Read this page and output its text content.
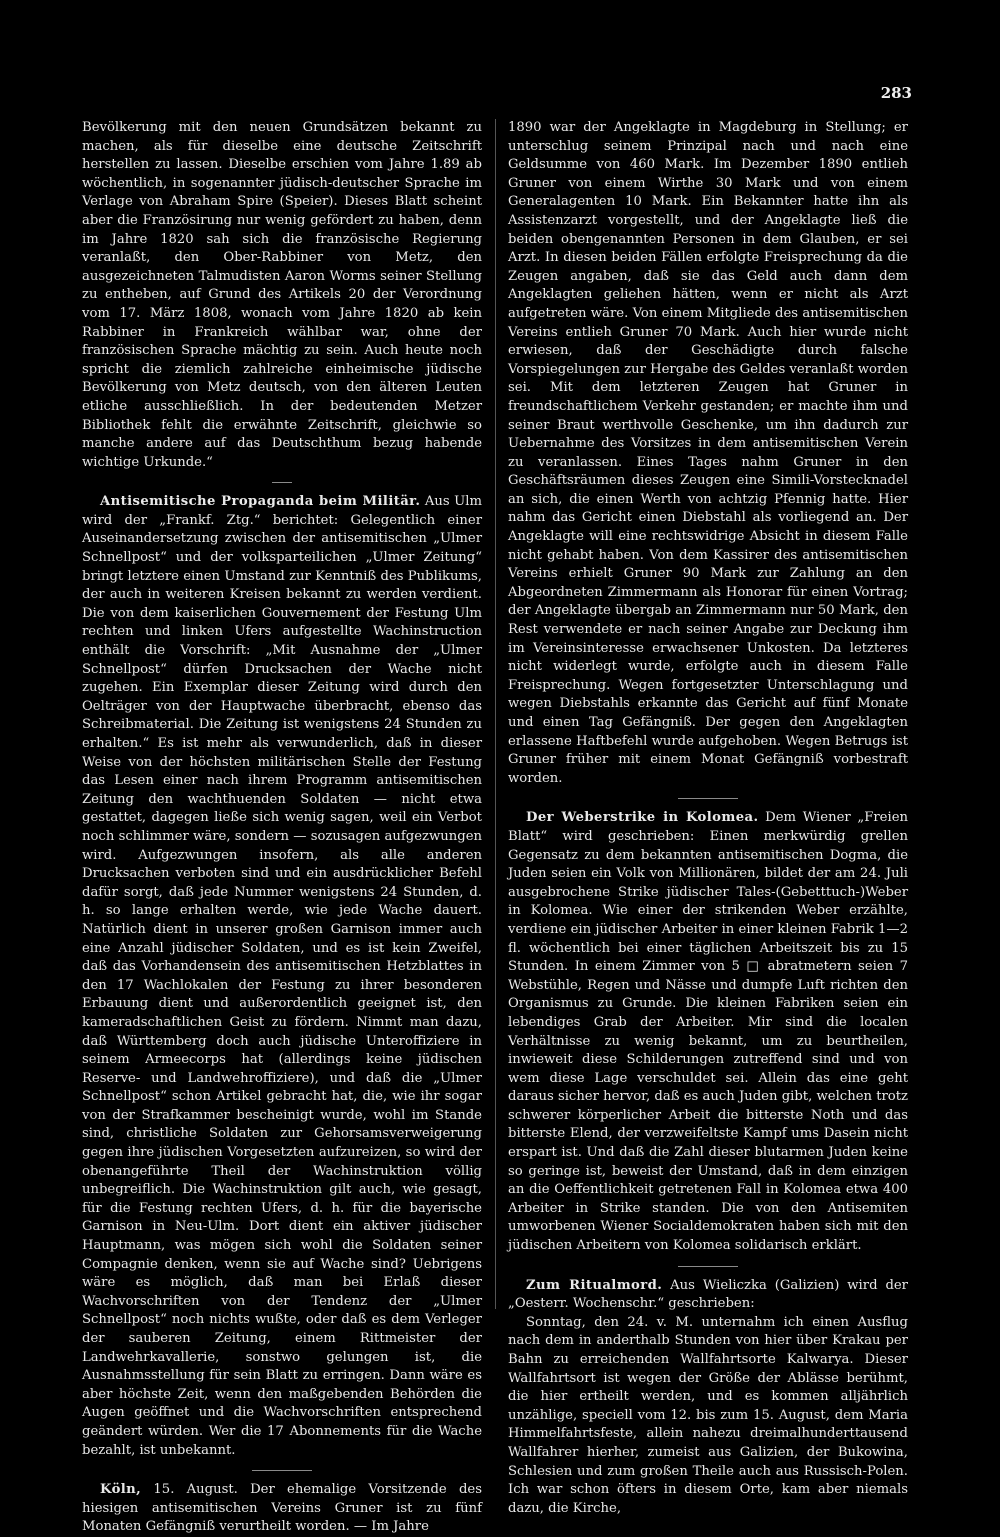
283

Bevölkerung mit den neuen Grundsätzen bekannt zu machen, als für dieselbe eine deutsche Zeitschrift herstellen zu lassen. Dieselbe erschien vom Jahre 1.89 ab wöchentlich, in sogenannter jüdisch-deutscher Sprache im Verlage von Abraham Spire (Speier). Dieses Blatt scheint aber die Französirung nur wenig gefördert zu haben, denn im Jahre 1820 sah sich die französische Regierung veranlaßt, den Ober-Rabbiner von Metz, den ausgezeichneten Talmudisten Aaron Worms seiner Stellung zu entheben, auf Grund des Artikels 20 der Verordnung vom 17. März 1808, wonach vom Jahre 1820 ab kein Rabbiner in Frankreich wählbar war, ohne der französischen Sprache mächtig zu sein. Auch heute noch spricht die ziemlich zahlreiche einheimische jüdische Bevölkerung von Metz deutsch, von den älteren Leuten etliche ausschließlich. In der bedeutenden Metzer Bibliothek fehlt die erwähnte Zeitschrift, gleichwie so manche andere auf das Deutschthum bezug habende wichtige Urkunde.“

Antisemitische Propaganda beim Militär. Aus Ulm wird der „Frankf. Ztg.“ berichtet: Gelegentlich einer Auseinandersetzung zwischen der antisemitischen „Ulmer Schnellpost“ und der volksparteilichen „Ulmer Zeitung“ bringt letztere einen Umstand zur Kenntniß des Publikums, der auch in weiteren Kreisen bekannt zu werden verdient. Die von dem kaiserlichen Gouvernement der Festung Ulm rechten und linken Ufers aufgestellte Wachinstruction enthält die Vorschrift: „Mit Ausnahme der „Ulmer Schnellpost“ dürfen Drucksachen der Wache nicht zugehen. Ein Exemplar dieser Zeitung wird durch den Oelträger von der Hauptwache überbracht, ebenso das Schreibmaterial. Die Zeitung ist wenigstens 24 Stunden zu erhalten.“ Es ist mehr als verwunderlich, daß in dieser Weise von der höchsten militärischen Stelle der Festung das Lesen einer nach ihrem Programm antisemitischen Zeitung den wachthuenden Soldaten — nicht etwa gestattet, dagegen ließe sich wenig sagen, weil ein Verbot noch schlimmer wäre, sondern — sozusagen aufgezwungen wird. Aufgezwungen insofern, als alle anderen Drucksachen verboten sind und ein ausdrücklicher Befehl dafür sorgt, daß jede Nummer wenigstens 24 Stunden, d. h. so lange erhalten werde, wie jede Wache dauert. Natürlich dient in unserer großen Garnison immer auch eine Anzahl jüdischer Soldaten, und es ist kein Zweifel, daß das Vorhandensein des antisemitischen Hetzblattes in den 17 Wachlokalen der Festung zu ihrer besonderen Erbauung dient und außerordentlich geeignet ist, den kameradschaftlichen Geist zu fördern. Nimmt man dazu, daß Württemberg doch auch jüdische Unteroffiziere in seinem Armeecorps hat (allerdings keine jüdischen Reserve- und Landwehroffiziere), und daß die „Ulmer Schnellpost“ schon Artikel gebracht hat, die, wie ihr sogar von der Strafkammer bescheinigt wurde, wohl im Stande sind, christliche Soldaten zur Gehorsamsverweigerung gegen ihre jüdischen Vorgesetzten aufzureizen, so wird der obenangeführte Theil der Wachinstruktion völlig unbegreiflich. Die Wachinstruktion gilt auch, wie gesagt, für die Festung rechten Ufers, d. h. für die bayerische Garnison in Neu-Ulm. Dort dient ein aktiver jüdischer Hauptmann, was mögen sich wohl die Soldaten seiner Compagnie denken, wenn sie auf Wache sind? Uebrigens wäre es möglich, daß man bei Erlaß dieser Wachvorschriften von der Tendenz der „Ulmer Schnellpost“ noch nichts wußte, oder daß es dem Verleger der sauberen Zeitung, einem Rittmeister der Landwehrkavallerie, sonstwo gelungen ist, die Ausnahmsstellung für sein Blatt zu erringen. Dann wäre es aber höchste Zeit, wenn den maßgebenden Behörden die Augen geöffnet und die Wachvorschriften entsprechend geändert würden. Wer die 17 Abonnements für die Wache bezahlt, ist unbekannt.

Köln, 15. August. Der ehemalige Vorsitzende des hiesigen antisemitischen Vereins Gruner ist zu fünf Monaten Gefängniß verurtheilt worden. — Im Jahre

1890 war der Angeklagte in Magdeburg in Stellung; er unterschlug seinem Prinzipal nach und nach eine Geldsumme von 460 Mark. Im Dezember 1890 entlieh Gruner von einem Wirthe 30 Mark und von einem Generalagenten 10 Mark. Ein Bekannter hatte ihn als Assistenzarzt vorgestellt, und der Angeklagte ließ die beiden obengenannten Personen in dem Glauben, er sei Arzt. In diesen beiden Fällen erfolgte Freisprechung da die Zeugen angaben, daß sie das Geld auch dann dem Angeklagten geliehen hätten, wenn er nicht als Arzt aufgetreten wäre. Von einem Mitgliede des antisemitischen Vereins entlieh Gruner 70 Mark. Auch hier wurde nicht erwiesen, daß der Geschädigte durch falsche Vorspiegelungen zur Hergabe des Geldes veranlaßt worden sei. Mit dem letzteren Zeugen hat Gruner in freundschaftlichem Verkehr gestanden; er machte ihm und seiner Braut werthvolle Geschenke, um ihn dadurch zur Uebernahme des Vorsitzes in dem antisemitischen Verein zu veranlassen. Eines Tages nahm Gruner in den Geschäftsräumen dieses Zeugen eine Simili-Vorstecknadel an sich, die einen Werth von achtzig Pfennig hatte. Hier nahm das Gericht einen Diebstahl als vorliegend an. Der Angeklagte will eine rechtswidrige Absicht in diesem Falle nicht gehabt haben. Von dem Kassirer des antisemitischen Vereins erhielt Gruner 90 Mark zur Zahlung an den Abgeordneten Zimmermann als Honorar für einen Vortrag; der Angeklagte übergab an Zimmermann nur 50 Mark, den Rest verwendete er nach seiner Angabe zur Deckung ihm im Vereinsinteresse erwachsener Unkosten. Da letzteres nicht widerlegt wurde, erfolgte auch in diesem Falle Freisprechung. Wegen fortgesetzter Unterschlagung und wegen Diebstahls erkannte das Gericht auf fünf Monate und einen Tag Gefängniß. Der gegen den Angeklagten erlassene Haftbefehl wurde aufgehoben. Wegen Betrugs ist Gruner früher mit einem Monat Gefängniß vorbestraft worden.

Der Weberstrike in Kolomea. Dem Wiener „Freien Blatt“ wird geschrieben: Einen merkwürdig grellen Gegensatz zu dem bekannten antisemitischen Dogma, die Juden seien ein Volk von Millionären, bildet der am 24. Juli ausgebrochene Strike jüdischer Tales-(Gebetttuch-)Weber in Kolomea. Wie einer der strikenden Weber erzählte, verdiene ein jüdischer Arbeiter in einer kleinen Fabrik 1—2 fl. wöchentlich bei einer täglichen Arbeitszeit bis zu 15 Stunden. In einem Zimmer von 5 □ abratmetern seien 7 Webstühle, Regen und Nässe und dumpfe Luft richten den Organismus zu Grunde. Die kleinen Fabriken seien ein lebendiges Grab der Arbeiter. Mir sind die localen Verhältnisse zu wenig bekannt, um zu beurtheilen, inwieweit diese Schilderungen zutreffend sind und von wem diese Lage verschuldet sei. Allein das eine geht daraus sicher hervor, daß es auch Juden gibt, welchen trotz schwerer körperlicher Arbeit die bitterste Noth und das bitterste Elend, der verzweifeltste Kampf ums Dasein nicht erspart ist. Und daß die Zahl dieser blutarmen Juden keine so geringe ist, beweist der Umstand, daß in dem einzigen an die Oeffentlichkeit getretenen Fall in Kolomea etwa 400 Arbeiter in Strike standen. Die von den Antisemiten umworbenen Wiener Socialdemokraten haben sich mit den jüdischen Arbeitern von Kolomea solidarisch erklärt.

Zum Ritualmord. Aus Wieliczka (Galizien) wird der „Oesterr. Wochenschr.“ geschrieben:

Sonntag, den 24. v. M. unternahm ich einen Ausflug nach dem in anderthalb Stunden von hier über Krakau per Bahn zu erreichenden Wallfahrtsorte Kalwarya. Dieser Wallfahrtsort ist wegen der Größe der Ablässe berühmt, die hier ertheilt werden, und es kommen alljährlich unzählige, speciell vom 12. bis zum 15. August, dem Maria Himmelfahrtsfeste, allein nahezu dreimalhunderttausend Wallfahrer hierher, zumeist aus Galizien, der Bukowina, Schlesien und zum großen Theile auch aus Russisch-Polen. Ich war schon öfters in diesem Orte, kam aber niemals dazu, die Kirche,
